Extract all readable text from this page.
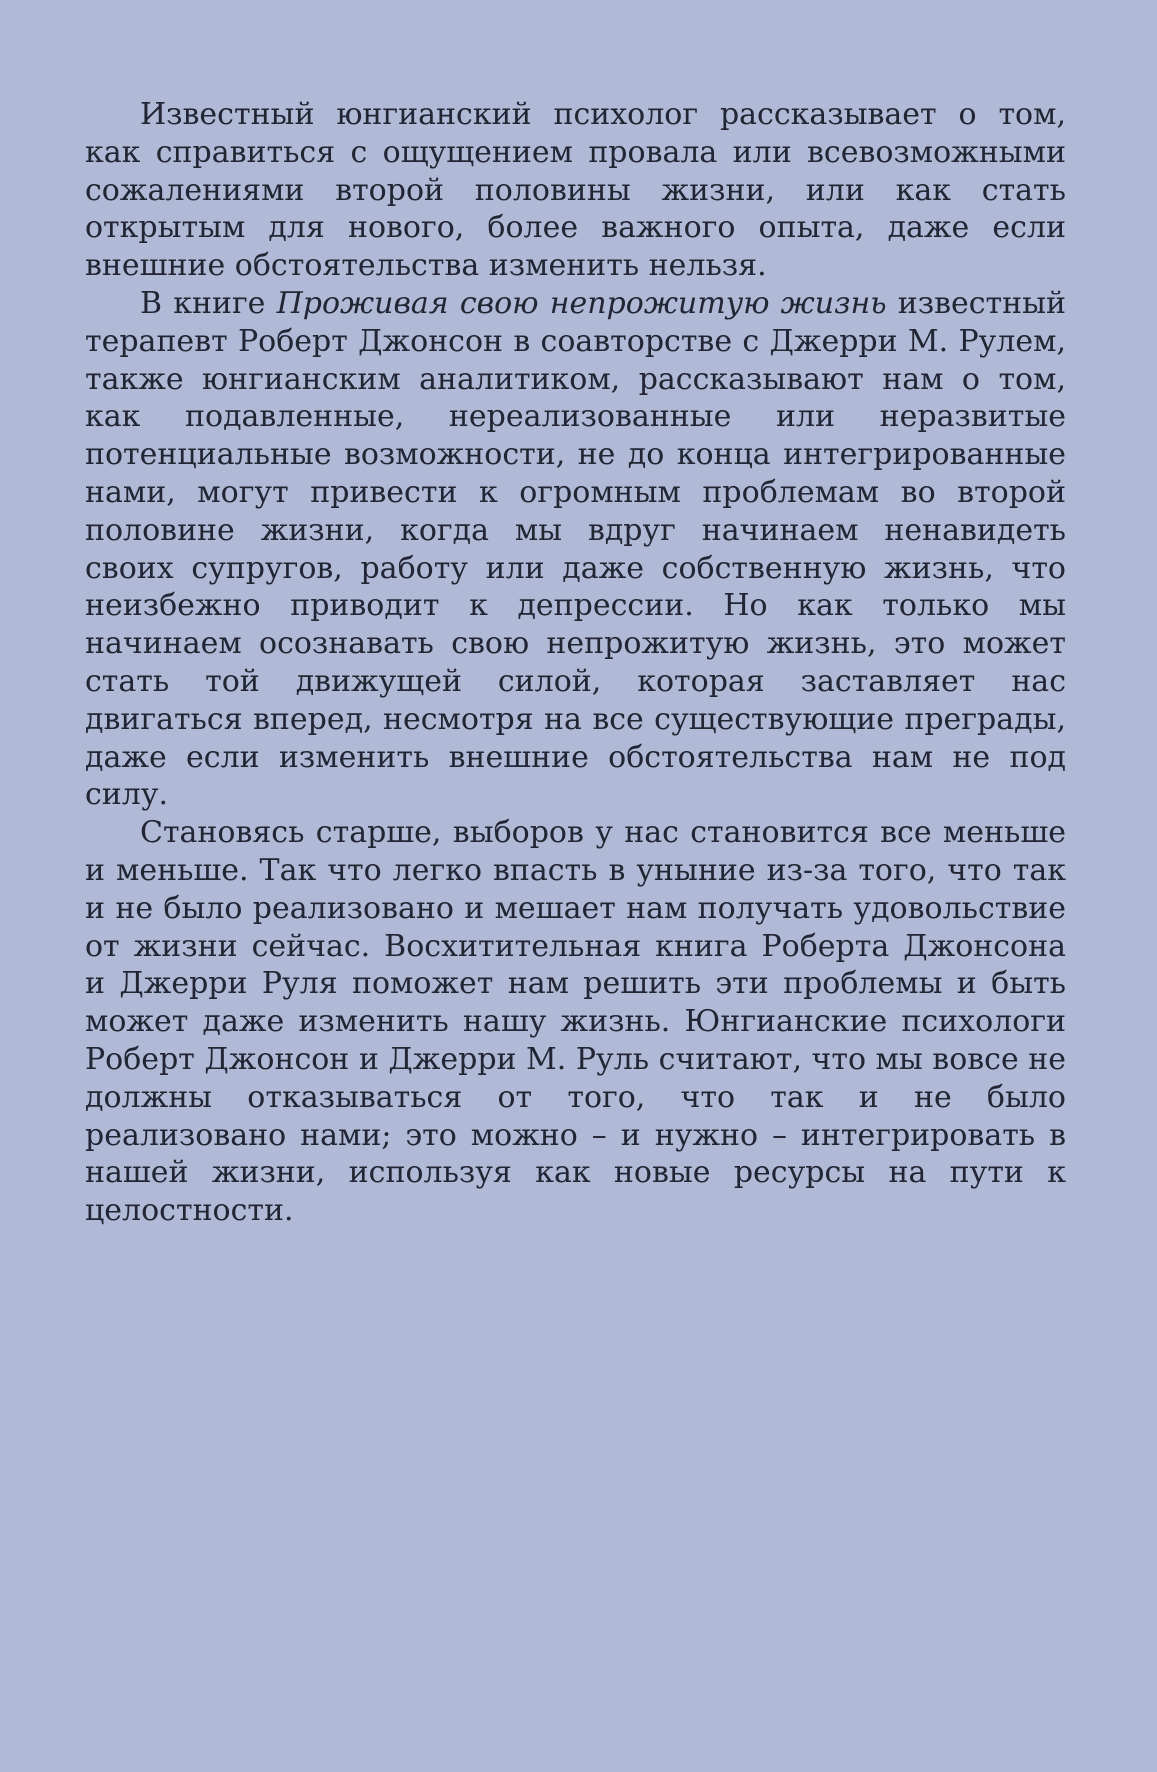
Известный юнгианский психолог рассказывает о том, как справиться с ощущением провала или всевозможными сожалениями второй половины жизни, или как стать открытым для нового, более важного опыта, даже если внешние обстоятельства изменить нельзя.

В книге Проживая свою непрожитую жизнь известный терапевт Роберт Джонсон в соавторстве с Джерри М. Рулем, также юнгианским аналитиком, рассказывают нам о том, как подавленные, нереализованные или неразвитые потенциальные возможности, не до конца интегрированные нами, могут привести к огромным проблемам во второй половине жизни, когда мы вдруг начинаем ненавидеть своих супругов, работу или даже собственную жизнь, что неизбежно приводит к депрессии. Но как только мы начинаем осознавать свою непрожитую жизнь, это может стать той движущей силой, которая заставляет нас двигаться вперед, несмотря на все существующие преграды, даже если изменить внешние обстоятельства нам не под силу.

Становясь старше, выборов у нас становится все меньше и меньше. Так что легко впасть в уныние из-за того, что так и не было реализовано и мешает нам получать удовольствие от жизни сейчас. Восхитительная книга Роберта Джонсона и Джерри Руля поможет нам решить эти проблемы и быть может даже изменить нашу жизнь. Юнгианские психологи Роберт Джонсон и Джерри М. Руль считают, что мы вовсе не должны отказываться от того, что так и не было реализовано нами; это можно – и нужно – интегрировать в нашей жизни, используя как новые ресурсы на пути к целостности.
